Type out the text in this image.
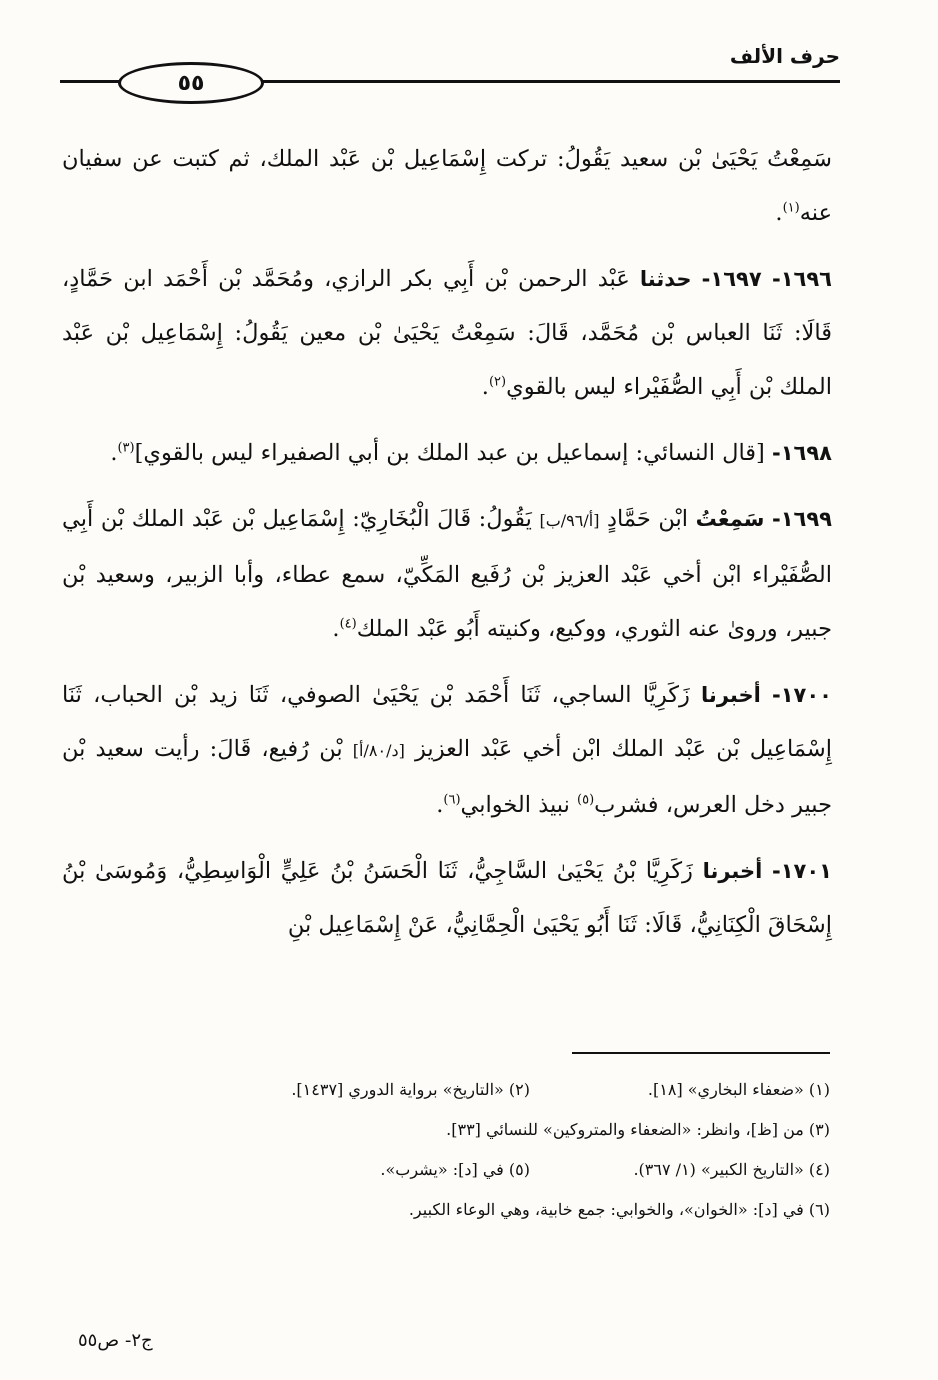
حرف الألف
٥٥

سَمِعْتُ يَحْيَىٰ بْن سعيد يَقُولُ: تركت إِسْمَاعِيل بْن عَبْد الملك، ثم كتبت عن سفيان عنه$^{(١)}$.

١٦٩٦- ١٦٩٧- حدثنا عَبْد الرحمن بْن أَبِي بكر الرازي، ومُحَمَّد بْن أَحْمَد ابن حَمَّادٍ، قَالَا: ثَنَا العباس بْن مُحَمَّد، قَالَ: سَمِعْتُ يَحْيَىٰ بْن معين يَقُولُ: إِسْمَاعِيل بْن عَبْد الملك بْن أَبِي الصُّفَيْراء ليس بالقوي$^{(٢)}$.

١٦٩٨- [قال النسائي: إسماعيل بن عبد الملك بن أبي الصفيراء ليس بالقوي]$^{(٣)}$.

١٦٩٩- سَمِعْتُ ابْن حَمَّادٍ [أ/٩٦/ب] يَقُولُ: قَالَ الْبُخَارِيّ: إِسْمَاعِيل بْن عَبْد الملك بْن أَبِي الصُّفَيْراء ابْن أخي عَبْد العزيز بْن رُفَيع المَكِّيّ، سمع عطاء، وأبا الزبير، وسعيد بْن جبير، وروىٰ عنه الثوري، ووكيع، وكنيته أَبُو عَبْد الملك$^{(٤)}$.

١٧٠٠- أخبرنا زَكَرِيَّا الساجي، ثَنَا أَحْمَد بْن يَحْيَىٰ الصوفي، ثَنَا زيد بْن الحباب، ثَنَا إِسْمَاعِيل بْن عَبْد الملك ابْن أخي عَبْد العزيز [د/٨٠/أ] بْن رُفيع، قَالَ: رأيت سعيد بْن جبير دخل العرس، فشرب$^{(٥)}$ نبيذ الخوابي$^{(٦)}$.

١٧٠١- أخبرنا زَكَرِيَّا بْنُ يَحْيَىٰ السَّاجِيُّ، ثَنَا الْحَسَنُ بْنُ عَلِيٍّ الْوَاسِطِيُّ، وَمُوسَىٰ بْنُ إِسْحَاقَ الْكِنَانِيُّ، قَالَا: ثَنَا أَبُو يَحْيَىٰ الْحِمَّانِيُّ، عَنْ إِسْمَاعِيل بْنِ

(١) «ضعفاء البخاري» [١٨].
(٢) «التاريخ» برواية الدوري [١٤٣٧].
(٣) من [ظ]، وانظر: «الضعفاء والمتروكين» للنسائي [٣٣].
(٤) «التاريخ الكبير» (١/ ٣٦٧).
(٥) في [د]: «يشرب».
(٦) في [د]: «الخوان»، والخوابي: جمع خابية، وهي الوعاء الكبير.
ج٢- ص٥٥
